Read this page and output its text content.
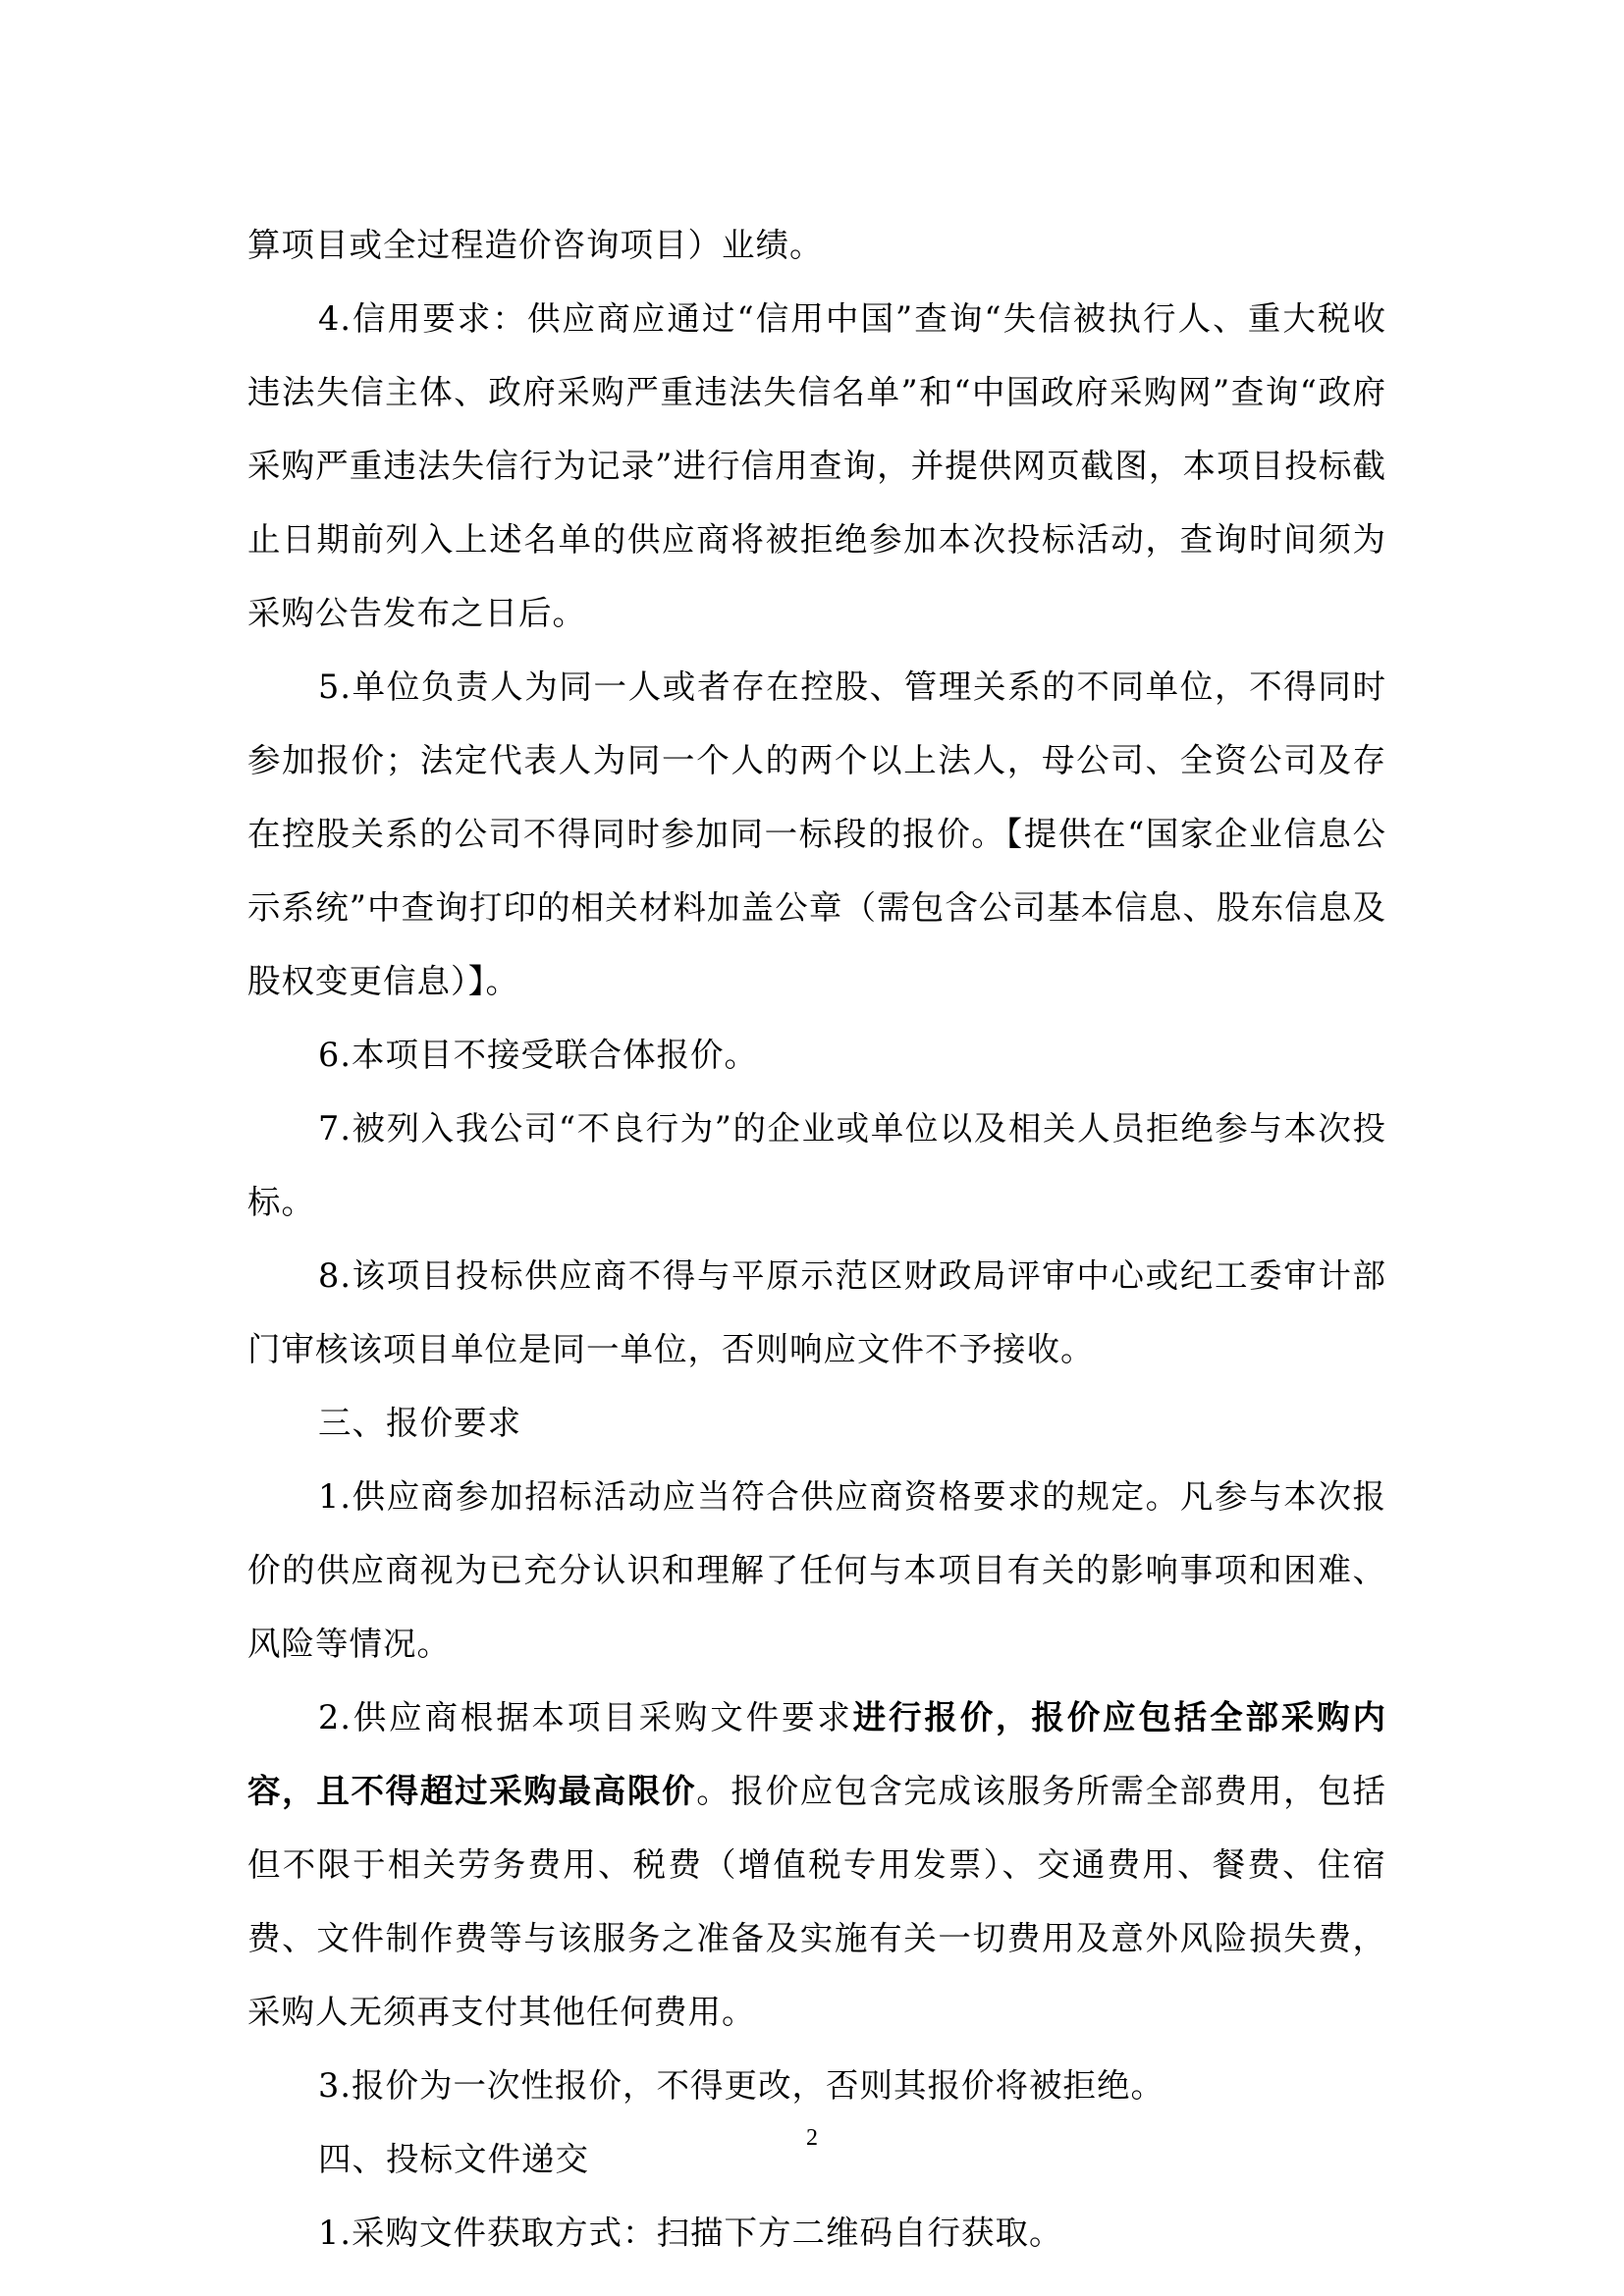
算项目或全过程造价咨询项目）业绩。

4.信用要求：供应商应通过“信用中国”查询“失信被执行人、重大税收违法失信主体、政府采购严重违法失信名单”和“中国政府采购网”查询“政府采购严重违法失信行为记录”进行信用查询，并提供网页截图，本项目投标截止日期前列入上述名单的供应商将被拒绝参加本次投标活动，查询时间须为采购公告发布之日后。

5.单位负责人为同一人或者存在控股、管理关系的不同单位，不得同时参加报价；法定代表人为同一个人的两个以上法人，母公司、全资公司及存在控股关系的公司不得同时参加同一标段的报价。【提供在“国家企业信息公示系统”中查询打印的相关材料加盖公章（需包含公司基本信息、股东信息及股权变更信息）】。

6.本项目不接受联合体报价。

7.被列入我公司“不良行为”的企业或单位以及相关人员拒绝参与本次投标。

8.该项目投标供应商不得与平原示范区财政局评审中心或纪工委审计部门审核该项目单位是同一单位，否则响应文件不予接收。

三、报价要求

1.供应商参加招标活动应当符合供应商资格要求的规定。凡参与本次报价的供应商视为已充分认识和理解了任何与本项目有关的影响事项和困难、风险等情况。

2.供应商根据本项目采购文件要求进行报价，报价应包括全部采购内容，且不得超过采购最高限价。报价应包含完成该服务所需全部费用，包括但不限于相关劳务费用、税费（增值税专用发票）、交通费用、餐费、住宿费、文件制作费等与该服务之准备及实施有关一切费用及意外风险损失费，采购人无须再支付其他任何费用。

3.报价为一次性报价，不得更改，否则其报价将被拒绝。

四、投标文件递交

1.采购文件获取方式：扫描下方二维码自行获取。

2
